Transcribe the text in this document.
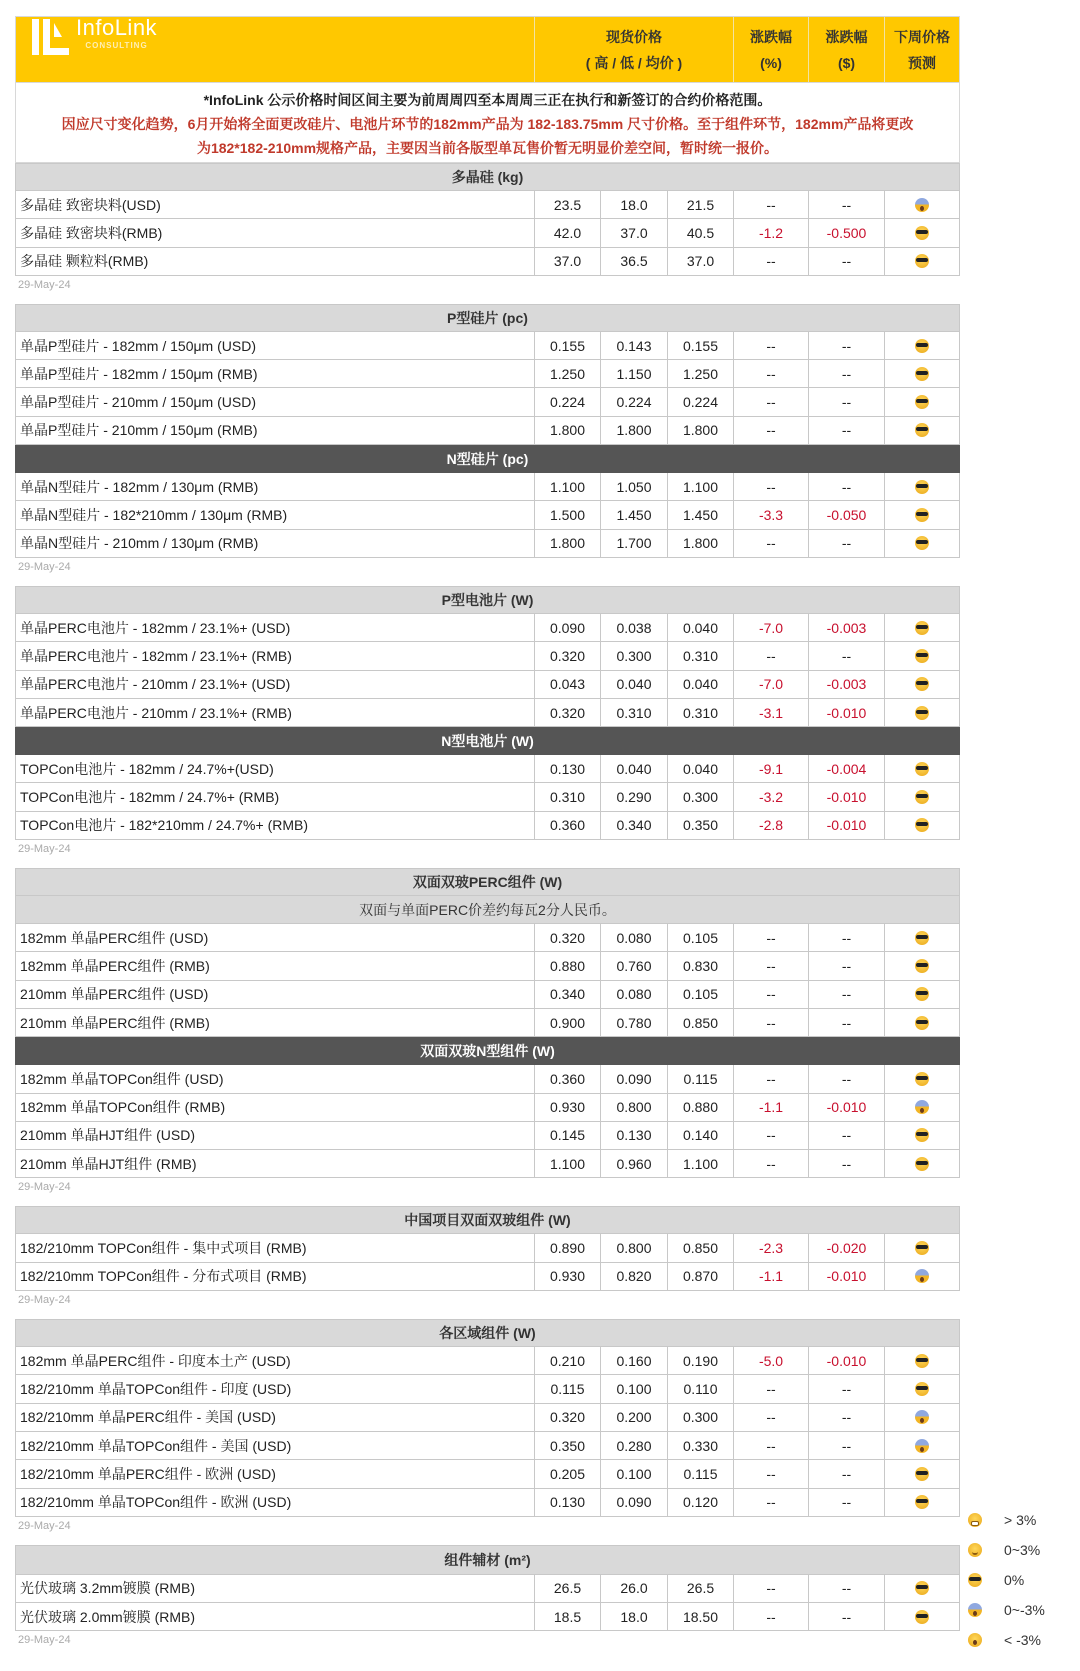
InfoLink
CONSULTING
现货价格
( 高 / 低 / 均价 )
涨跌幅
(%)
涨跌幅
($)
下周价格
预测
*InfoLink 公示价格时间区间主要为前周周四至本周周三正在执行和新签订的合约价格范围。
因应尺寸变化趋势，6月开始将全面更改硅片、电池片环节的182mm产品为 182-183.75mm 尺寸价格。至于组件环节，182mm产品将更改
为182*182-210mm规格产品，主要因当前各版型单瓦售价暂无明显价差空间，暂时统一报价。
多晶硅 (kg)
多晶硅 致密块料(USD)	23.5	18.0	21.5	--	--
多晶硅 致密块料(RMB)	42.0	37.0	40.5	-1.2	-0.500
多晶硅 颗粒料(RMB)	37.0	36.5	37.0	--	--
29-May-24
P型硅片 (pc)
单晶P型硅片 - 182mm / 150μm (USD)	0.155	0.143	0.155	--	--
单晶P型硅片 - 182mm / 150μm (RMB)	1.250	1.150	1.250	--	--
单晶P型硅片 - 210mm / 150μm (USD)	0.224	0.224	0.224	--	--
单晶P型硅片 - 210mm / 150μm (RMB)	1.800	1.800	1.800	--	--
N型硅片 (pc)
单晶N型硅片 - 182mm / 130μm (RMB)	1.100	1.050	1.100	--	--
单晶N型硅片 - 182*210mm / 130μm (RMB)	1.500	1.450	1.450	-3.3	-0.050
单晶N型硅片 - 210mm / 130μm (RMB)	1.800	1.700	1.800	--	--
29-May-24
P型电池片 (W)
单晶PERC电池片 - 182mm / 23.1%+ (USD)	0.090	0.038	0.040	-7.0	-0.003
单晶PERC电池片 - 182mm / 23.1%+ (RMB)	0.320	0.300	0.310	--	--
单晶PERC电池片 - 210mm / 23.1%+ (USD)	0.043	0.040	0.040	-7.0	-0.003
单晶PERC电池片 - 210mm / 23.1%+ (RMB)	0.320	0.310	0.310	-3.1	-0.010
N型电池片 (W)
TOPCon电池片 - 182mm / 24.7%+(USD)	0.130	0.040	0.040	-9.1	-0.004
TOPCon电池片 - 182mm / 24.7%+ (RMB)	0.310	0.290	0.300	-3.2	-0.010
TOPCon电池片 - 182*210mm / 24.7%+ (RMB)	0.360	0.340	0.350	-2.8	-0.010
29-May-24
双面双玻PERC组件 (W)
双面与单面PERC价差约每瓦2分人民币。
182mm 单晶PERC组件 (USD)	0.320	0.080	0.105	--	--
182mm 单晶PERC组件 (RMB)	0.880	0.760	0.830	--	--
210mm 单晶PERC组件 (USD)	0.340	0.080	0.105	--	--
210mm 单晶PERC组件 (RMB)	0.900	0.780	0.850	--	--
双面双玻N型组件 (W)
182mm 单晶TOPCon组件 (USD)	0.360	0.090	0.115	--	--
182mm 单晶TOPCon组件 (RMB)	0.930	0.800	0.880	-1.1	-0.010
210mm 单晶HJT组件 (USD)	0.145	0.130	0.140	--	--
210mm 单晶HJT组件 (RMB)	1.100	0.960	1.100	--	--
29-May-24
中国项目双面双玻组件 (W)
182/210mm TOPCon组件 - 集中式项目 (RMB)	0.890	0.800	0.850	-2.3	-0.020
182/210mm TOPCon组件 - 分布式项目 (RMB)	0.930	0.820	0.870	-1.1	-0.010
29-May-24
各区域组件 (W)
182mm 单晶PERC组件 - 印度本土产 (USD)	0.210	0.160	0.190	-5.0	-0.010
182/210mm 单晶TOPCon组件 - 印度 (USD)	0.115	0.100	0.110	--	--
182/210mm 单晶PERC组件 - 美国 (USD)	0.320	0.200	0.300	--	--
182/210mm 单晶TOPCon组件 - 美国 (USD)	0.350	0.280	0.330	--	--
182/210mm 单晶PERC组件 - 欧洲 (USD)	0.205	0.100	0.115	--	--
182/210mm 单晶TOPCon组件 - 欧洲 (USD)	0.130	0.090	0.120	--	--
29-May-24
组件辅材 (m²)
光伏玻璃 3.2mm镀膜 (RMB)	26.5	26.0	26.5	--	--
光伏玻璃 2.0mm镀膜 (RMB)	18.5	18.0	18.50	--	--
29-May-24
> 3%
0~3%
0%
0~-3%
< -3%
